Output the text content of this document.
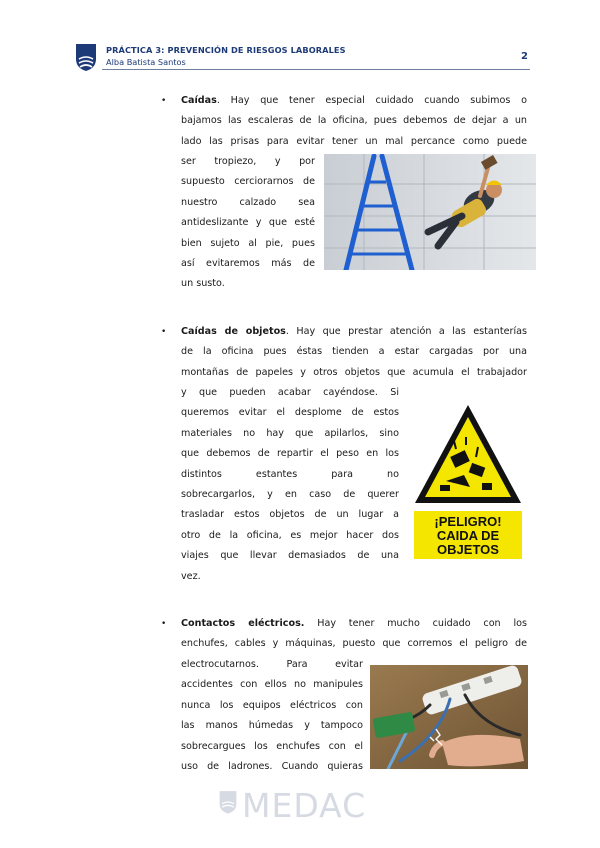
PRÁCTICA 3: PREVENCIÓN DE RIESGOS LABORALES
Alba Batista Santos	2
• Caídas. Hay que tener especial cuidado cuando subimos o
bajamos las escaleras de la oficina, pues debemos de dejar a un
lado las prisas para evitar tener un mal percance como puede
ser tropiezo, y por
supuesto cerciorarnos de
nuestro calzado sea
antideslizante y que esté
bien sujeto al pie, pues
así evitaremos más de
un susto.
• Caídas de objetos. Hay que prestar atención a las estanterías
de la oficina pues éstas tienden a estar cargadas por una
montañas de papeles y otros objetos que acumula el trabajador
y que pueden acabar cayéndose. Si
queremos evitar el desplome de estos
materiales no hay que apilarlos, sino
que debemos de repartir el peso en los
distintos estantes para no
sobrecargarlos, y en caso de querer
trasladar estos objetos de un lugar a
otro de la oficina, es mejor hacer dos
viajes que llevar demasiados de una
vez.
¡PELIGRO!
CAIDA DE
OBJETOS
• Contactos eléctricos. Hay tener mucho cuidado con los
enchufes, cables y máquinas, puesto que corremos el peligro de
electrocutarnos. Para evitar
accidentes con ellos no manipules
nunca los equipos eléctricos con
las manos húmedas y tampoco
sobrecargues los enchufes con el
uso de ladrones. Cuando quieras
MEDAC
